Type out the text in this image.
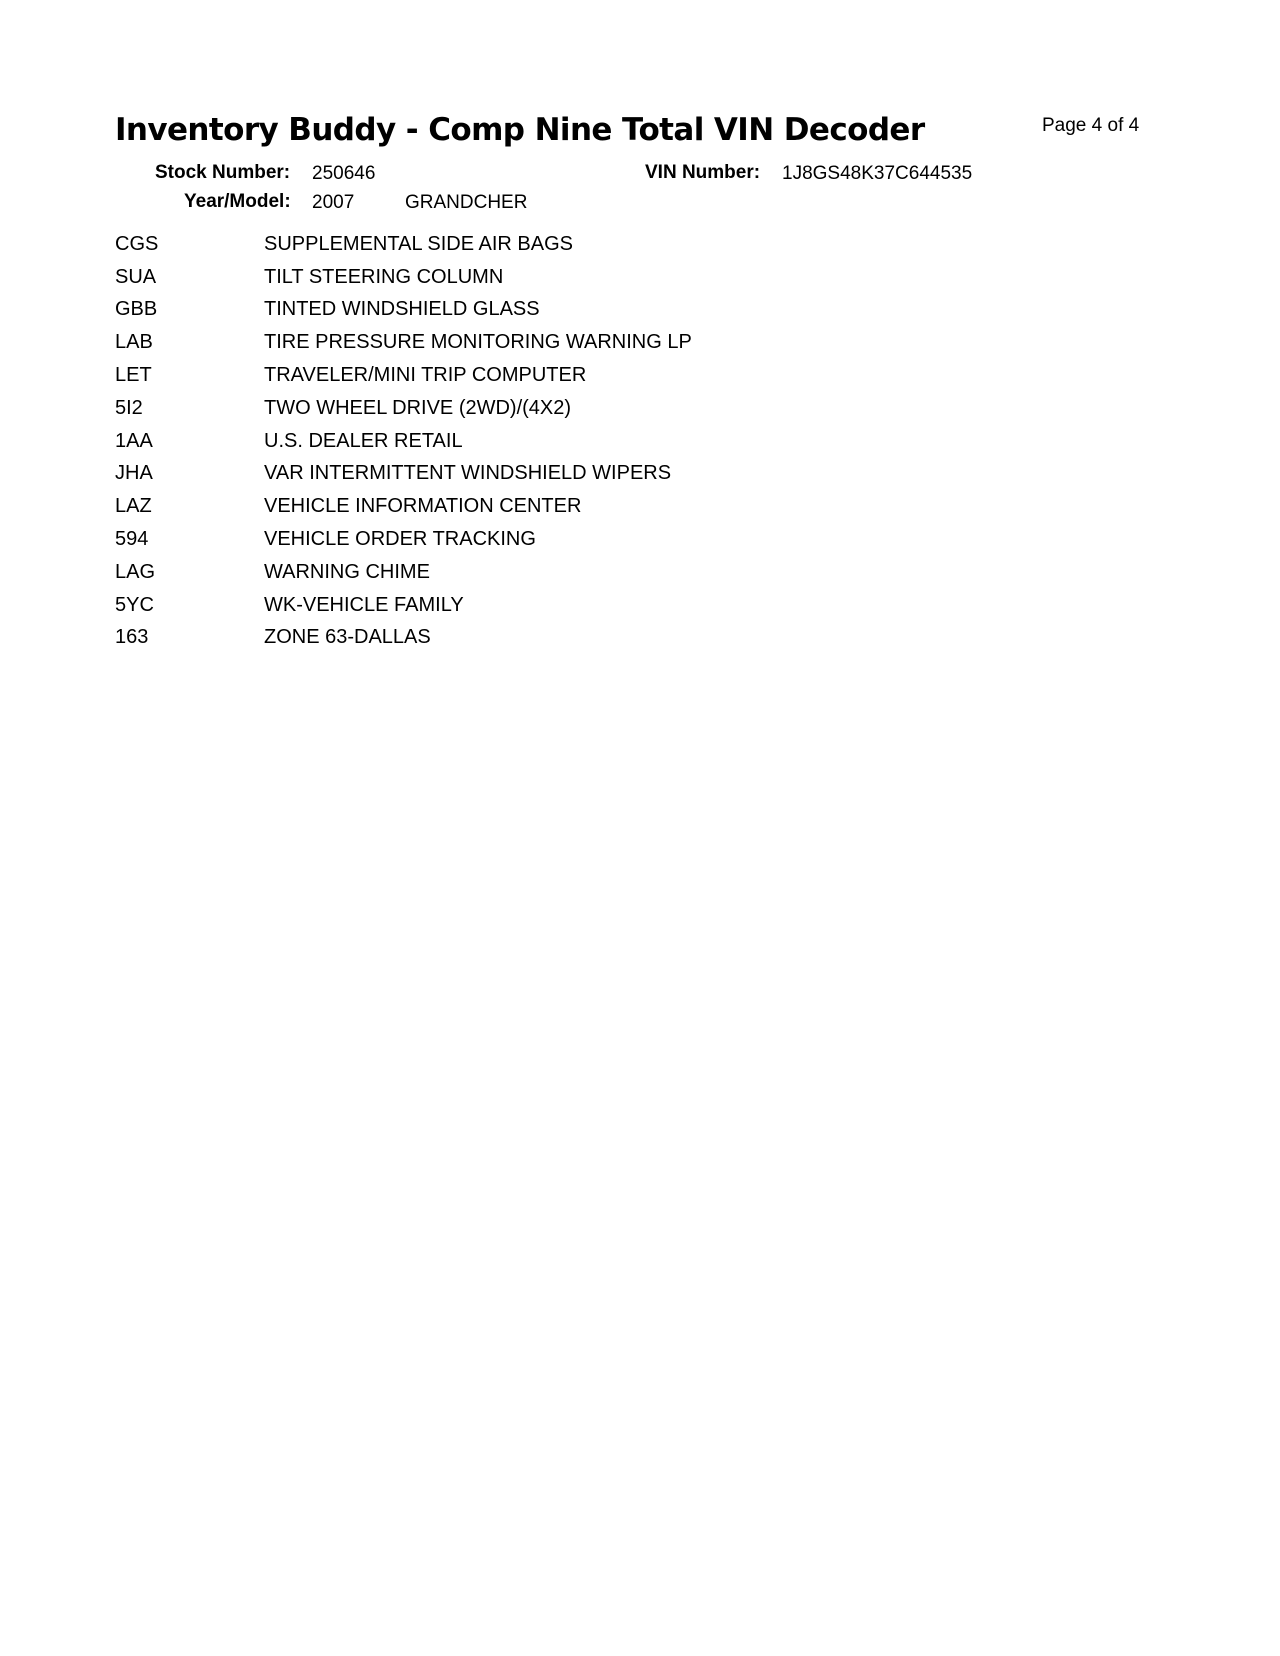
Inventory Buddy - Comp Nine Total VIN Decoder	Page 4 of 4
Stock Number: 250646	VIN Number: 1J8GS48K37C644535
Year/Model: 2007	GRANDCHER
CGS	SUPPLEMENTAL SIDE AIR BAGS
SUA	TILT STEERING COLUMN
GBB	TINTED WINDSHIELD GLASS
LAB	TIRE PRESSURE MONITORING WARNING LP
LET	TRAVELER/MINI TRIP COMPUTER
5I2	TWO WHEEL DRIVE (2WD)/(4X2)
1AA	U.S. DEALER RETAIL
JHA	VAR INTERMITTENT WINDSHIELD WIPERS
LAZ	VEHICLE INFORMATION CENTER
594	VEHICLE ORDER TRACKING
LAG	WARNING CHIME
5YC	WK-VEHICLE FAMILY
163	ZONE 63-DALLAS
